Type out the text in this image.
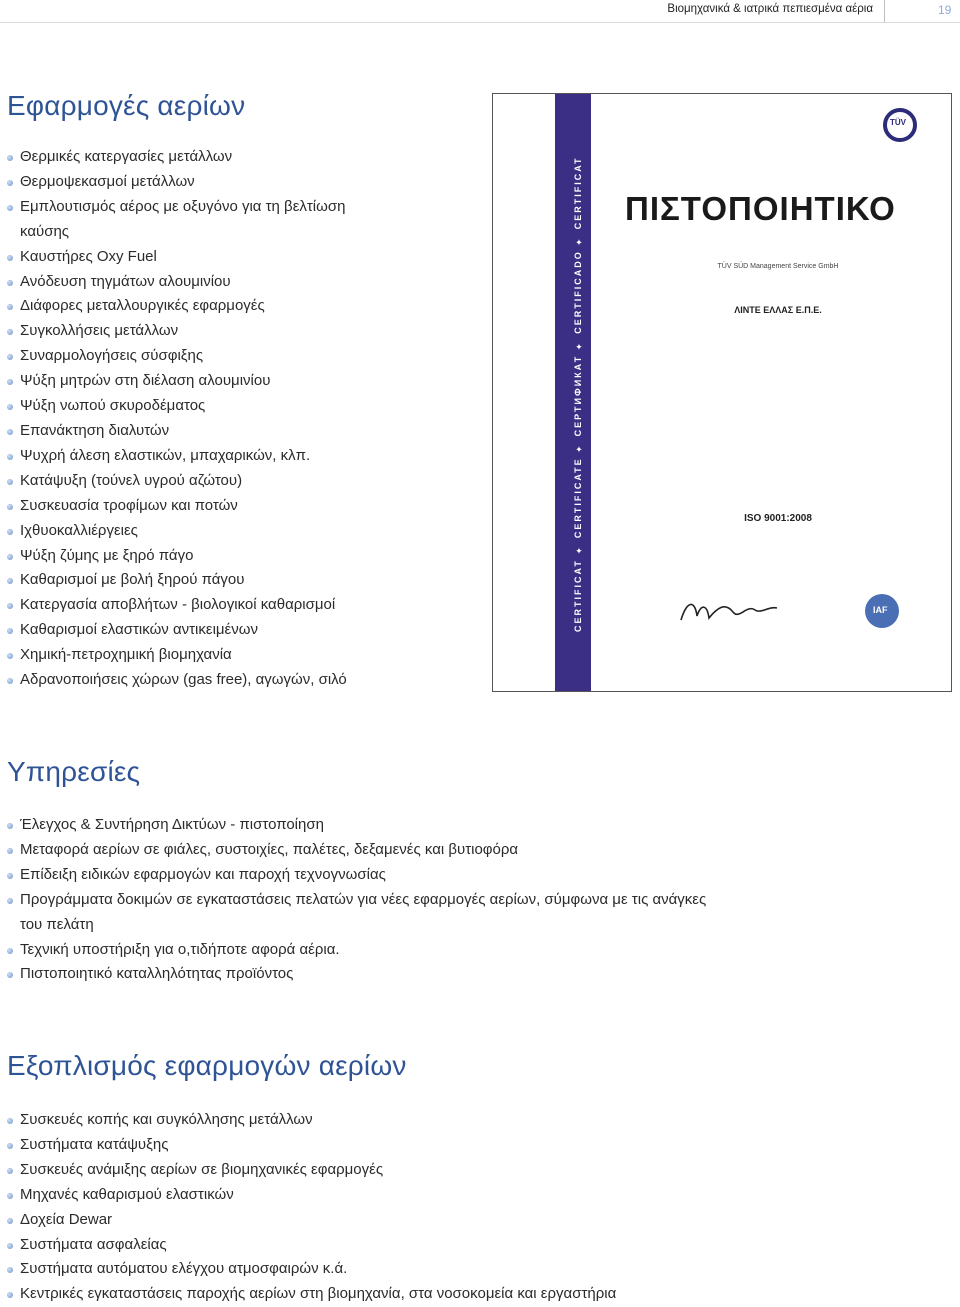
Βιομηχανικά & ιατρικά πεπιεσμένα αέρια	19
Εφαρμογές αερίων
Θερμικές κατεργασίες μετάλλων
Θερμοψεκασμοί μετάλλων
Εμπλουτισμός αέρος με οξυγόνο για τη βελτίωση
καύσης
Καυστήρες Oxy Fuel
Ανόδευση τηγμάτων αλουμινίου
Διάφορες μεταλλουργικές εφαρμογές
Συγκολλήσεις μετάλλων
Συναρμολογήσεις σύσφιξης
Ψύξη μητρών στη διέλαση αλουμινίου
Ψύξη νωπού σκυροδέματος
Επανάκτηση διαλυτών
Ψυχρή άλεση ελαστικών, μπαχαρικών, κλπ.
Κατάψυξη (τούνελ υγρού αζώτου)
Συσκευασία τροφίμων και ποτών
Ιχθυοκαλλιέργειες
Ψύξη ζύμης με ξηρό πάγο
Καθαρισμοί με βολή ξηρού πάγου
Κατεργασία αποβλήτων - βιολογικοί καθαρισμοί
Καθαρισμοί ελαστικών αντικειμένων
Χημική-πετροχημική βιομηχανία
Αδρανοποιήσεις χώρων (gas free), αγωγών, σιλό
CERTIFICAT ✦ CERTIFICATE ✦ СЕРТИФИКАТ ✦ CERTIFICADO ✦ CERTIFICAT
TÜV
ΠΙΣΤΟΠΟΙΗΤΙΚΟ
TÜV SÜD Management Service GmbH
ΛΙΝΤΕ ΕΛΛΑΣ Ε.Π.Ε.
ISO 9001:2008
IAF
Υπηρεσίες
Έλεγχος & Συντήρηση Δικτύων - πιστοποίηση
Μεταφορά αερίων σε φιάλες, συστοιχίες, παλέτες, δεξαμενές και βυτιοφόρα
Επίδειξη ειδικών εφαρμογών και παροχή τεχνογνωσίας
Προγράμματα δοκιμών σε εγκαταστάσεις πελατών για νέες εφαρμογές αερίων, σύμφωνα με τις ανάγκες
του πελάτη
Τεχνική υποστήριξη για ο,τιδήποτε αφορά αέρια.
Πιστοποιητικό καταλληλότητας προϊόντος
Εξοπλισμός εφαρμογών αερίων
Συσκευές κοπής και συγκόλλησης μετάλλων
Συστήματα κατάψυξης
Συσκευές ανάμιξης αερίων σε βιομηχανικές εφαρμογές
Μηχανές καθαρισμού ελαστικών
Δοχεία Dewar
Συστήματα ασφαλείας
Συστήματα αυτόματου ελέγχου ατμοσφαιρών κ.ά.
Κεντρικές εγκαταστάσεις παροχής αερίων στη βιομηχανία, στα νοσοκομεία και εργαστήρια
